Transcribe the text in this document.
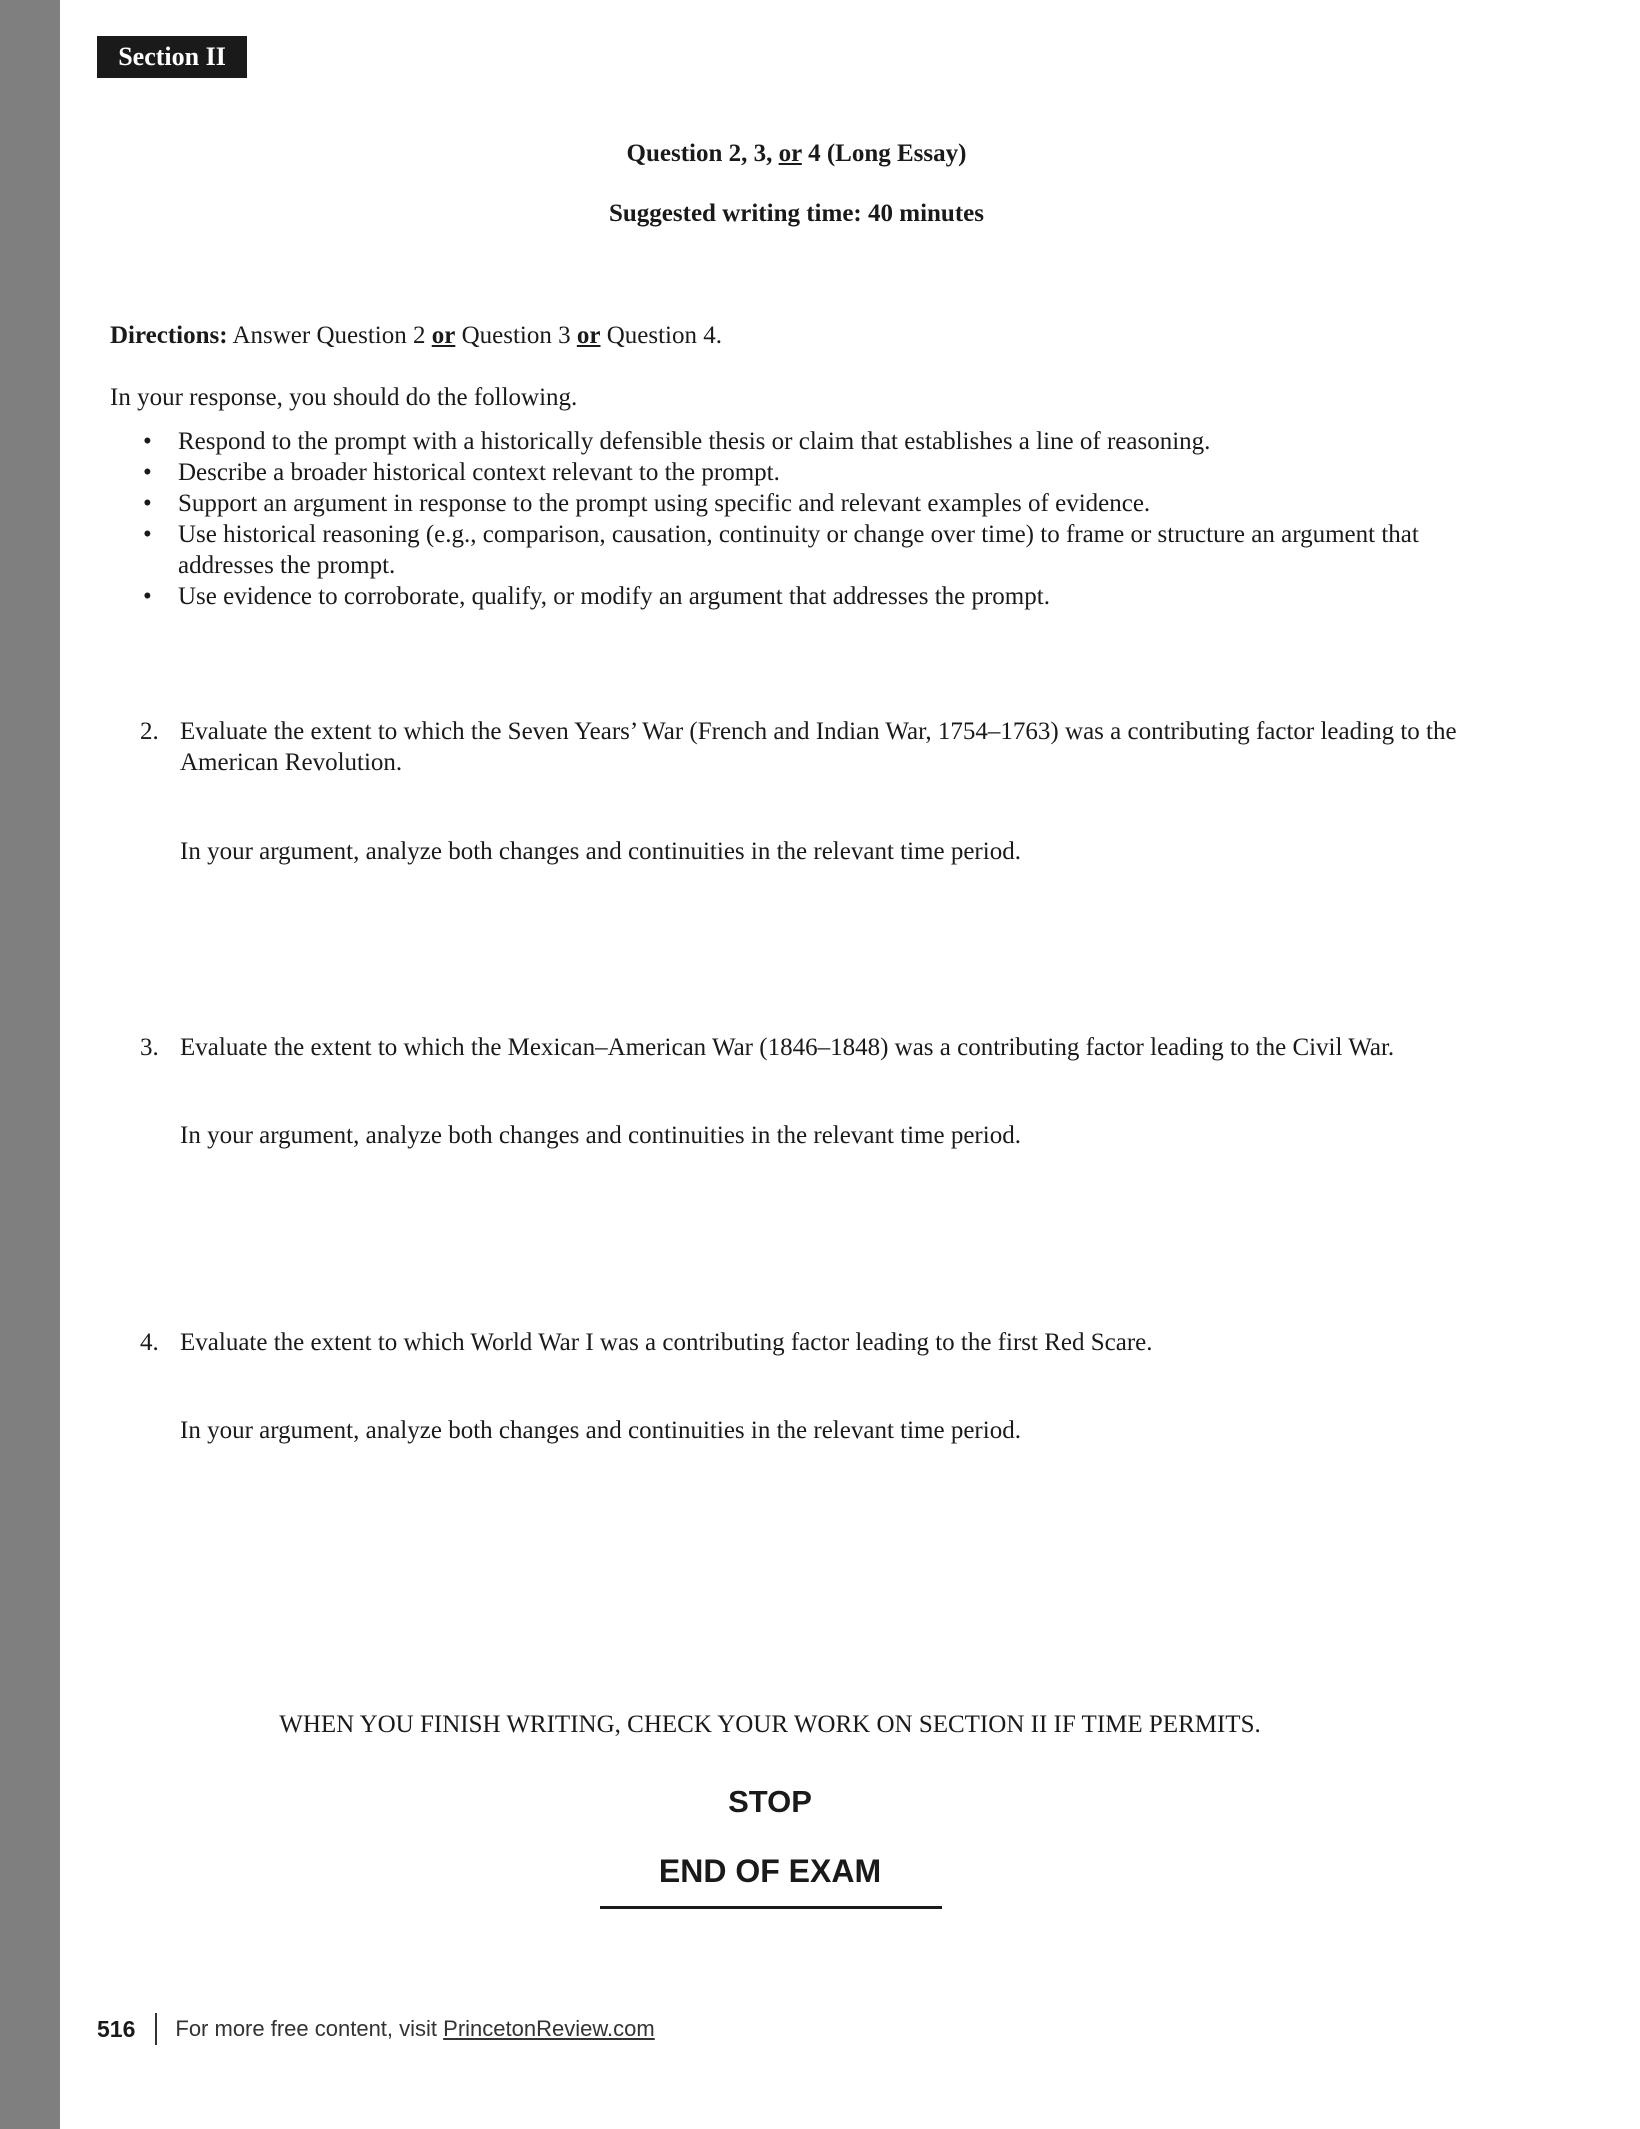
Section II
Question 2, 3, or 4 (Long Essay)
Suggested writing time: 40 minutes
Directions: Answer Question 2 or Question 3 or Question 4.
In your response, you should do the following.
• Respond to the prompt with a historically defensible thesis or claim that establishes a line of reasoning.
• Describe a broader historical context relevant to the prompt.
• Support an argument in response to the prompt using specific and relevant examples of evidence.
• Use historical reasoning (e.g., comparison, causation, continuity or change over time) to frame or structure an argument that addresses the prompt.
• Use evidence to corroborate, qualify, or modify an argument that addresses the prompt.
2. Evaluate the extent to which the Seven Years’ War (French and Indian War, 1754–1763) was a contributing factor leading to the American Revolution.
In your argument, analyze both changes and continuities in the relevant time period.
3. Evaluate the extent to which the Mexican–American War (1846–1848) was a contributing factor leading to the Civil War.
In your argument, analyze both changes and continuities in the relevant time period.
4. Evaluate the extent to which World War I was a contributing factor leading to the first Red Scare.
In your argument, analyze both changes and continuities in the relevant time period.
WHEN YOU FINISH WRITING, CHECK YOUR WORK ON SECTION II IF TIME PERMITS.
STOP
END OF EXAM
516 For more free content, visit
PrincetonReview.com
